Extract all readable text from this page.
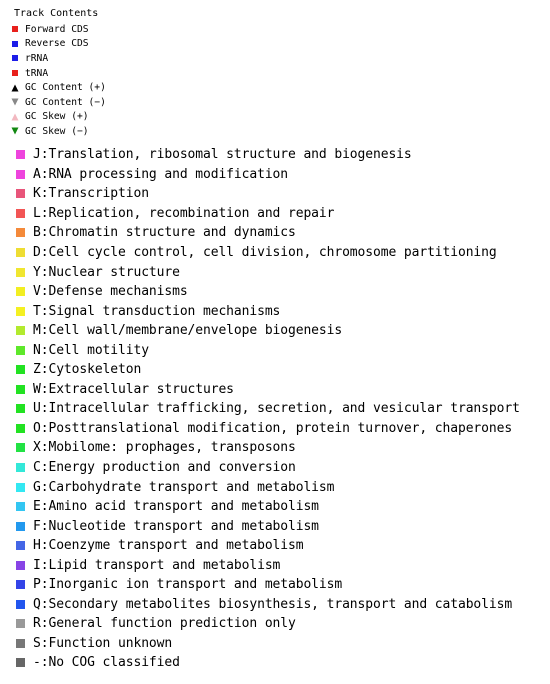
Track Contents
Forward CDS
Reverse CDS
rRNA
tRNA
GC Content (+)
GC Content (−)
GC Skew (+)
GC Skew (−)
J : Translation, ribosomal structure and biogenesis
A : RNA processing and modification
K : Transcription
L : Replication, recombination and repair
B : Chromatin structure and dynamics
D : Cell cycle control, cell division, chromosome partitioning
Y : Nuclear structure
V : Defense mechanisms
T : Signal transduction mechanisms
M : Cell wall/membrane/envelope biogenesis
N : Cell motility
Z : Cytoskeleton
W : Extracellular structures
U : Intracellular trafficking, secretion, and vesicular transport
O : Posttranslational modification, protein turnover, chaperones
X : Mobilome: prophages, transposons
C : Energy production and conversion
G : Carbohydrate transport and metabolism
E : Amino acid transport and metabolism
F : Nucleotide transport and metabolism
H : Coenzyme transport and metabolism
I : Lipid transport and metabolism
P : Inorganic ion transport and metabolism
Q : Secondary metabolites biosynthesis, transport and catabolism
R : General function prediction only
S : Function unknown
- : No COG classified
